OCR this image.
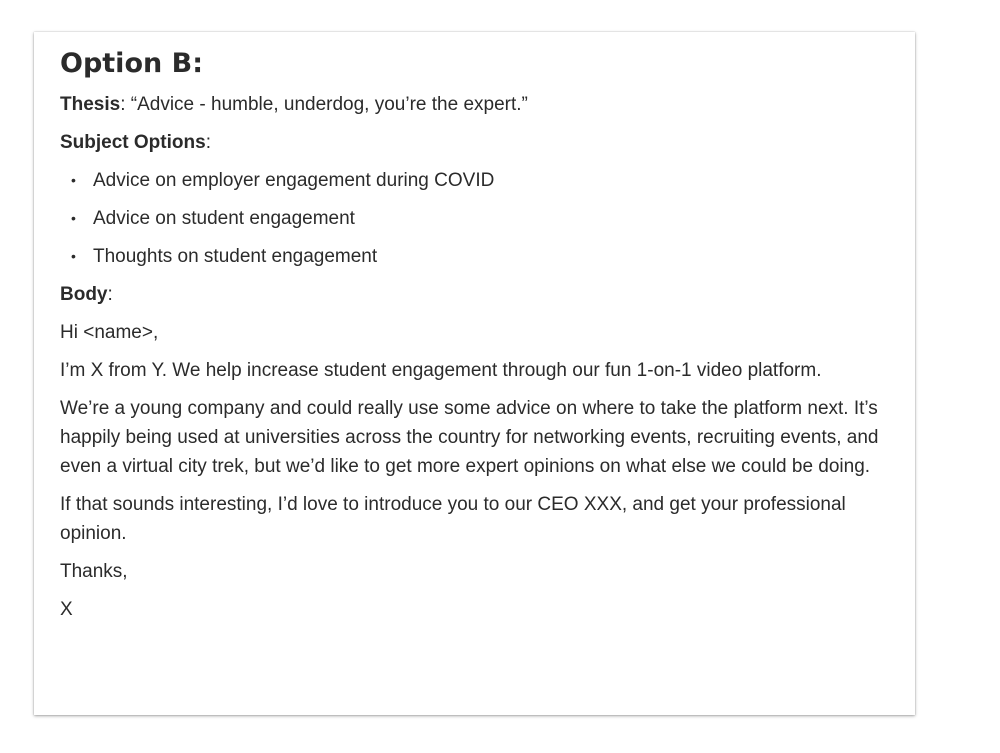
Option B:
Thesis: “Advice - humble, underdog, you’re the expert.”
Subject Options:
• Advice on employer engagement during COVID
• Advice on student engagement
• Thoughts on student engagement
Body:
Hi <name>,
I’m X from Y. We help increase student engagement through our fun 1-on-1 video platform.
We’re a young company and could really use some advice on where to take the platform next. It’s happily being used at universities across the country for networking events, recruiting events, and even a virtual city trek, but we’d like to get more expert opinions on what else we could be doing.
If that sounds interesting, I’d love to introduce you to our CEO XXX, and get your professional opinion.
Thanks,
X
